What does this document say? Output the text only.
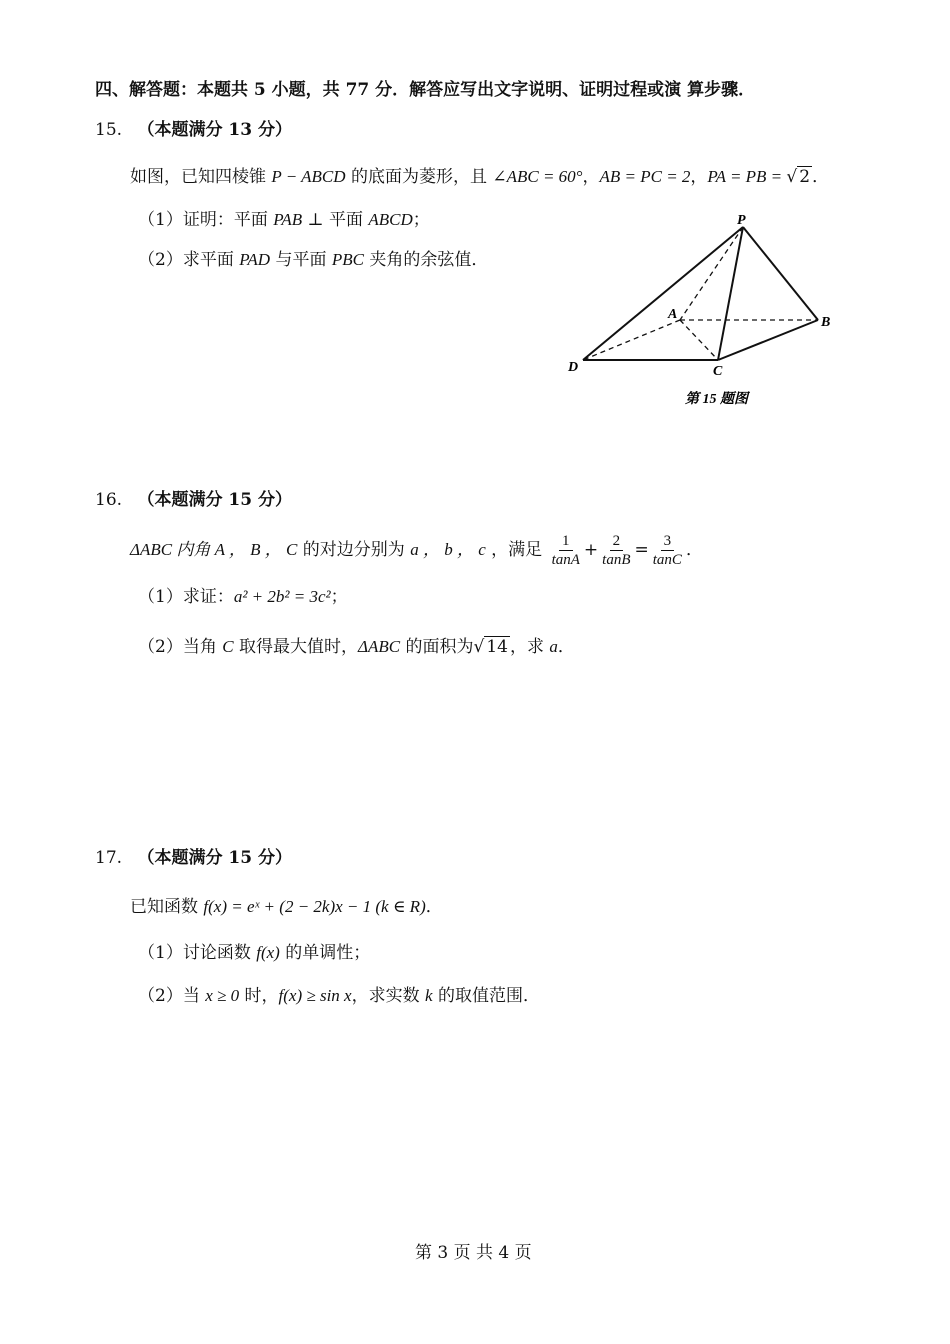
四、解答题：本题共 5 小题，共 77 分．解答应写出文字说明、证明过程或演 算步骤．
15. （本题满分 13 分）
如图，已知四棱锥 P − ABCD 的底面为菱形，且 ∠ABC = 60°，AB = PC = 2，PA = PB = √ 2 ．
（1）证明：平面 PAB ⊥ 平面 ABCD；
（2）求平面 PAD 与平面 PBC 夹角的余弦值．
P
A
B
C
D
第 15 题图
16. （本题满分 15 分）
ΔABC 内角 A ， B ， C 的对边分别为 a ， b ， c ，满足 $\frac{1}{\tan A} + \frac{2}{\tan B} = \frac{3}{\tan C}$ ．
（1）求证：a² + 2b² = 3c²；
（2）当角 C 取得最大值时，ΔABC 的面积为√ 14 ，求 a．
17. （本题满分 15 分）
已知函数 f(x) = eˣ + (2 − 2k)x − 1 (k ∈ R)．
（1）讨论函数 f(x) 的单调性；
（2）当 x ≥ 0 时，f(x) ≥ sin x，求实数 k 的取值范围．
第 3 页 共 4 页
